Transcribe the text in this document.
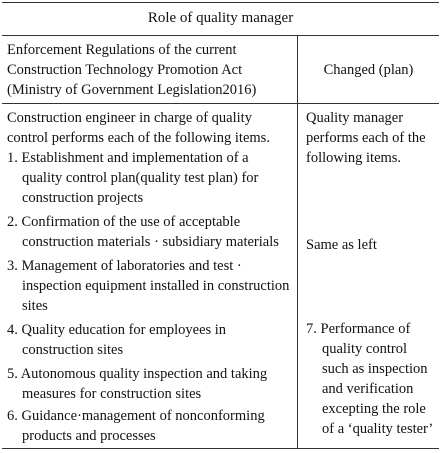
Role of quality manager
Enforcement Regulations of the current
Construction Technology Promotion Act
(Ministry of Government Legislation2016)
Changed (plan)
Construction engineer in charge of quality
control performs each of the following items.
1. Establishment and implementation of a
quality control plan(quality test plan) for
construction projects
2. Confirmation of the use of acceptable
construction materials · subsidiary materials
3. Management of laboratories and test ·
inspection equipment installed in construction
sites
4. Quality education for employees in
construction sites
5. Autonomous quality inspection and taking
measures for construction sites
6. Guidance·management of nonconforming
products and processes
Quality manager
performs each of the
following items.
Same as left
7. Performance of
quality control
such as inspection
and verification
excepting the role
of a ‘quality tester’
